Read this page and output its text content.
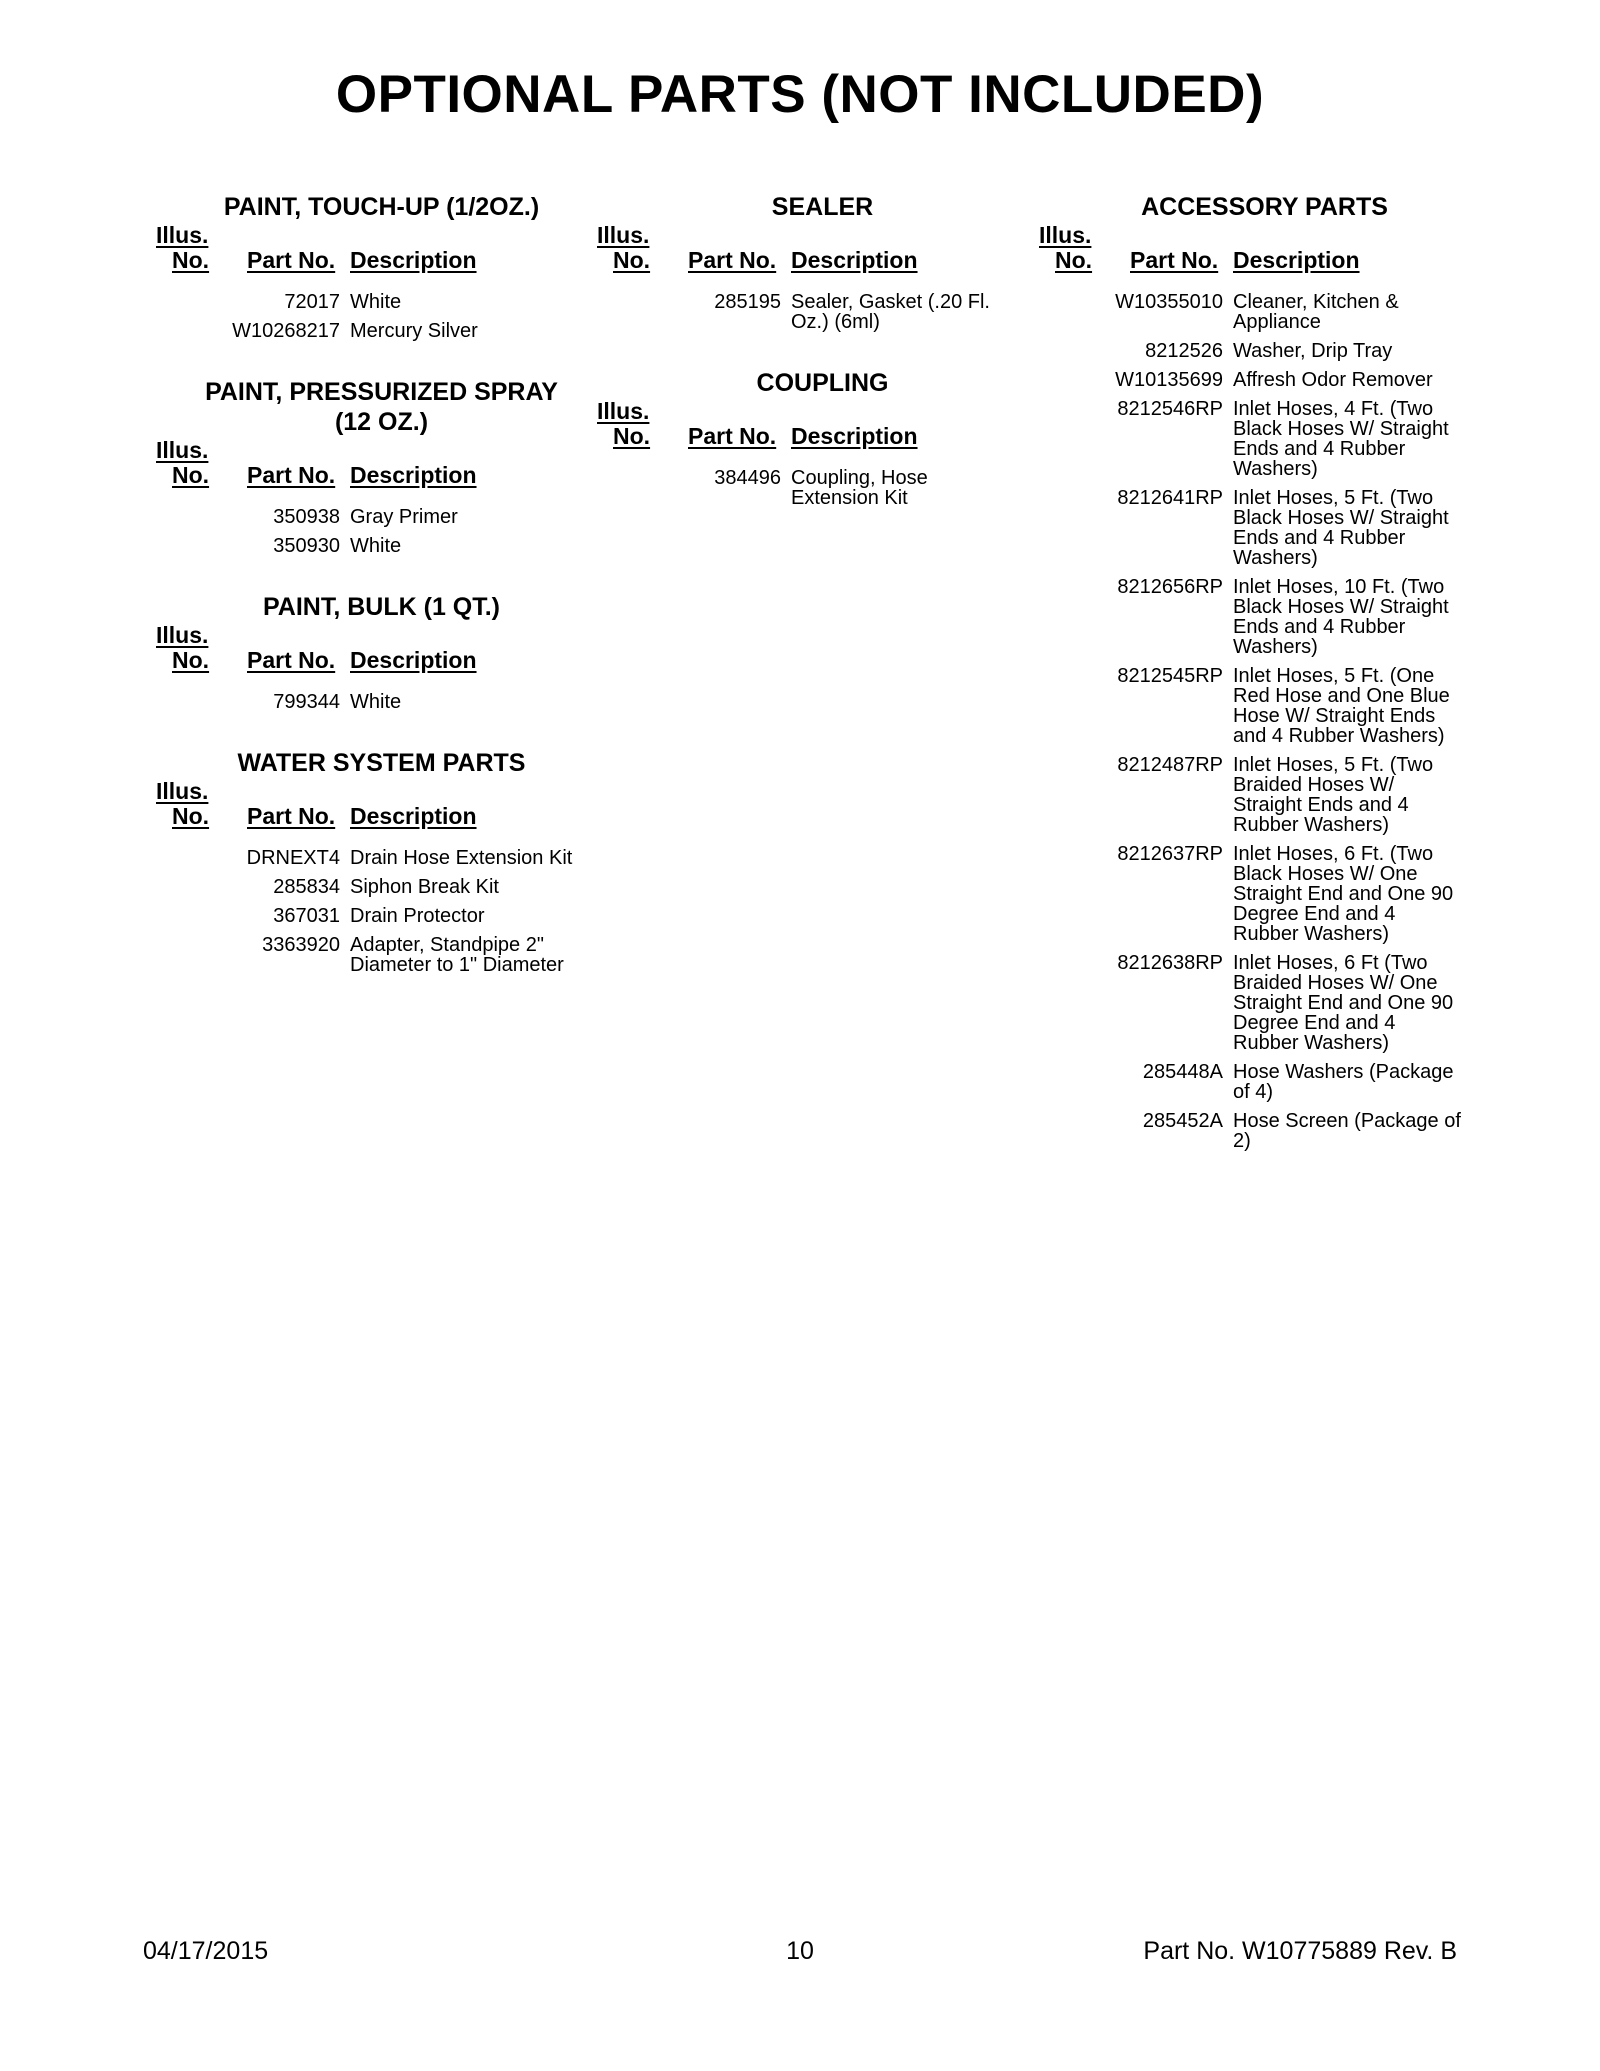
OPTIONAL PARTS (NOT INCLUDED)
PAINT, TOUCH-UP (1/2OZ.)
Illus.
No. Part No. Description
72017 White
W10268217 Mercury Silver
PAINT, PRESSURIZED SPRAY (12 OZ.)
Illus.
No. Part No. Description
350938 Gray Primer
350930 White
PAINT, BULK (1 QT.)
Illus.
No. Part No. Description
799344 White
WATER SYSTEM PARTS
Illus.
No. Part No. Description
DRNEXT4 Drain Hose Extension Kit
285834 Siphon Break Kit
367031 Drain Protector
3363920 Adapter, Standpipe 2" Diameter to 1" Diameter
SEALER
Illus.
No. Part No. Description
285195 Sealer, Gasket (.20 Fl. Oz.) (6ml)
COUPLING
Illus.
No. Part No. Description
384496 Coupling, Hose Extension Kit
ACCESSORY PARTS
Illus.
No. Part No. Description
W10355010 Cleaner, Kitchen & Appliance
8212526 Washer, Drip Tray
W10135699 Affresh Odor Remover
8212546RP Inlet Hoses, 4 Ft. (Two Black Hoses W/ Straight Ends and 4 Rubber Washers)
8212641RP Inlet Hoses, 5 Ft. (Two Black Hoses W/ Straight Ends and 4 Rubber Washers)
8212656RP Inlet Hoses, 10 Ft. (Two Black Hoses W/ Straight Ends and 4 Rubber Washers)
8212545RP Inlet Hoses, 5 Ft. (One Red Hose and One Blue Hose W/ Straight Ends and 4 Rubber Washers)
8212487RP Inlet Hoses, 5 Ft. (Two Braided Hoses W/ Straight Ends and 4 Rubber Washers)
8212637RP Inlet Hoses, 6 Ft. (Two Black Hoses W/ One Straight End and One 90 Degree End and 4 Rubber Washers)
8212638RP Inlet Hoses, 6 Ft (Two Braided Hoses W/ One Straight End and One 90 Degree End and 4 Rubber Washers)
285448A Hose Washers (Package of 4)
285452A Hose Screen (Package of 2)
04/17/2015	10	Part No. W10775889 Rev. B
